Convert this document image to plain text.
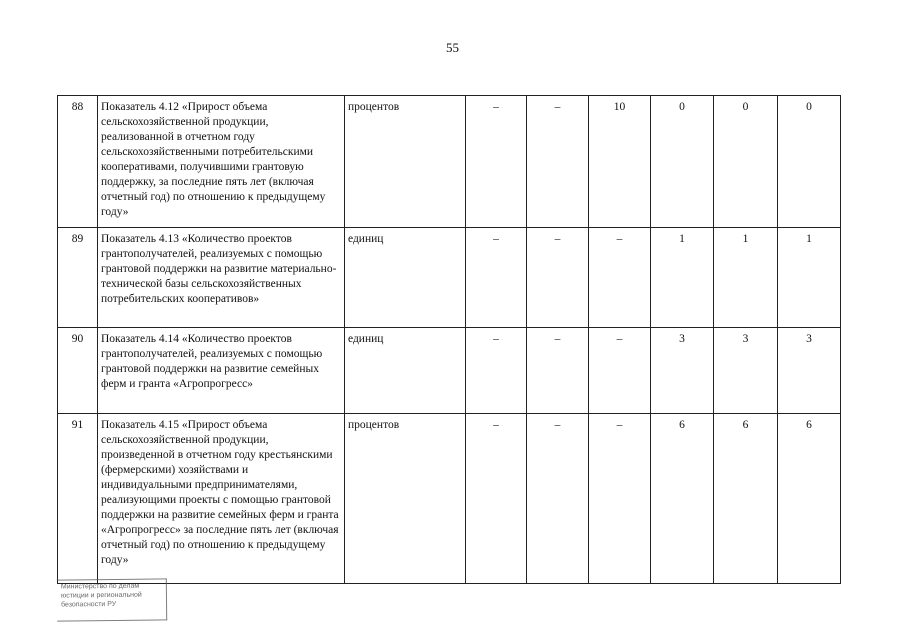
55
88	Показатель 4.12 «Прирост объема сельскохозяйственной продукции, реализованной в отчетном году сельскохозяйственными потребительскими кооперативами, получившими грантовую поддержку, за последние пять лет (включая отчетный год) по отношению к предыдущему году»	процентов	–	–	10	0	0	0
89	Показатель 4.13 «Количество проектов грантополучателей, реализуемых с помощью грантовой поддержки на развитие материально-технической базы сельскохозяйственных потребительских кооперативов»	единиц	–	–	–	1	1	1
90	Показатель 4.14 «Количество проектов грантополучателей, реализуемых с помощью грантовой поддержки на развитие семейных ферм и гранта «Агропрогресс»	единиц	–	–	–	3	3	3
91	Показатель 4.15 «Прирост объема сельскохозяйственной продукции, произведенной в отчетном году крестьянскими (фермерскими) хозяйствами и индивидуальными предпринимателями, реализующими проекты с помощью грантовой поддержки на развитие семейных ферм и гранта «Агропрогресс» за последние пять лет (включая отчетный год) по отношению к предыдущему году»	процентов	–	–	–	6	6	6
Министерство по делам
юстиции и региональной
безопасности РУ
